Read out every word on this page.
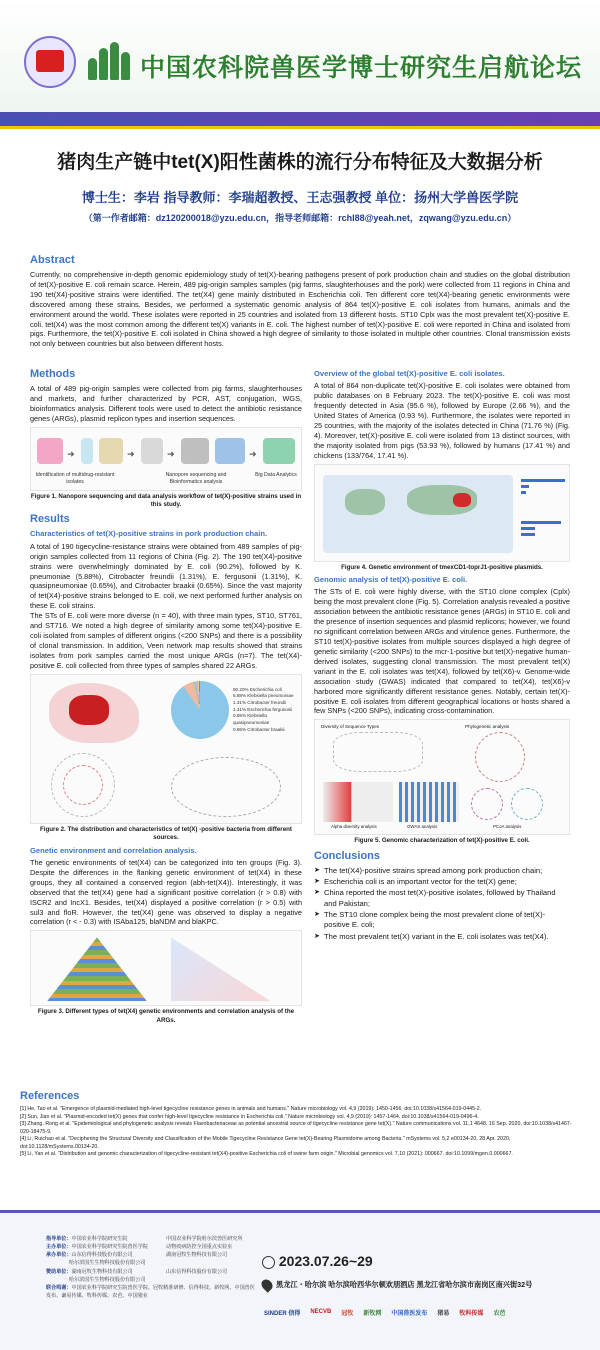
中国农科院兽医学博士研究生启航论坛
猪肉生产链中tet(X)阳性菌株的流行分布特征及大数据分析
博士生：李岩 指导教师：李瑞超教授、王志强教授 单位：扬州大学兽医学院
（第一作者邮箱：dz120200018@yzu.edu.cn，指导老师邮箱：rchl88@yeah.net，zqwang@yzu.edu.cn）
Abstract

Currently, no comprehensive in-depth genomic epidemiology study of tet(X)-bearing pathogens present of pork production chain and studies on the global distribution of tet(X)-positive E. coli remain scarce. Herein, 489 pig-origin samples samples (pig farms, slaughterhouses and the pork) were collected from 11 regions in China and 190 tet(X4)-positive strains were identified. The tet(X4) gene mainly distributed in Escherichia coli. Ten different core tet(X4)-bearing genetic environments were discovered among these strains. Besides, we performed a systematic genomic analysis of 864 tet(X)-positive E. coli isolates from humans, animals and the environment around the world. These isolates were reported in 25 countries and isolated from 13 different hosts. ST10 Cplx was the most prevalent tet(X)-positive E. coli. tet(X4) was the most common among the different tet(X) variants in E. coli. The highest number of tet(X)-positive E. coli were reported in China and isolated from pigs. Furthermore, the tet(X)-positive E. coli isolated in China showed a high degree of similarity to those isolated in multiple other countries. Clonal transmission exists not only between countries but also between different hosts.

Methods

A total of 489 pig-origin samples were collected from pig farms, slaughterhouses and markets, and further characterized by PCR, AST, conjugation, WGS, bioinformatics analysis. Different tools were used to detect the antibiotic resistance genes (ARGs), plasmid replicon types and insertion sequences.

➜	➜	➜	➜
Identification of multidrug-resistant isolates
Nanopore sequencing and Bioinformatics analysis
Big Data Analytics
Figure 1. Nanopore sequencing and data analysis workflow of tet(X)-positive strains used in this study.
Results
Characteristics of tet(X)-positive strains in pork production chain.

A total of 190 tigecycline-resistance strains were obtained from 489 samples of pig-origin samples collected from 11 regions of China (Fig. 2). The 190 tet(X4)-positive strains were overwhelmingly dominated by E. coli (90.2%), followed by K. pneumoniae (5.88%), Citrobacter freundii (1.31%), E. fergusonii (1.31%), K. quasipneumoniae (0.65%), and Citrobacter braakii (0.65%). Since the vast majority of tet(X4)-positive strains belonged to E. coli, we next performed further analysis on these E. coli strains.

The STs of E. coli were more diverse (n = 40), with three main types, ST10, ST761, and ST716. We noted a high degree of similarity among some tet(X4)-positive E. coli isolated from samples of different origins (<200 SNPs) and there is a possibility of clonal transmission. In addition, Veen network map results showed that strains isolates from pork samples carried the most unique ARGs (n=7). The tet(X4)-positive E. coli collected from three types of samples shared 22 ARGs.

90.20% Escherichia coli
5.88% Klebsiella pneumoniae
1.31% Citrobacter freundii
1.31% Escherichia fergusonii
0.65% Klebsiella quasipneumoniae
0.65% Citrobacter braakii
Figure 2. The distribution and characteristics of tet(X) -positive bacteria from different sources.
Genetic environment and correlation analysis.

The genetic environments of tet(X4) can be categorized into ten groups (Fig. 3). Despite the differences in the flanking genetic environment of tet(X4) in these groups, they all contained a conserved region (abh-tet(X4)). Interestingly, it was observed that the tet(X4) gene had a significant positive correlation (r > 0.8) with ISCR2 and IncX1. Besides, tet(X4) displayed a positive correlation (r > 0.5) with sul3 and floR. However, the tet(X4) gene was observed to display a negative correlation (r < - 0.3) with ISAba125, blaNDM and blaKPC.

Figure 3. Different types of tet(X4) genetic environments and correlation analysis of the ARGs.
Overview of the global tet(X)-positive E. coli isolates.

A total of 864 non-duplicate tet(X)-positive E. coli isolates were obtained from public databases on 8 February 2023. The tet(X)-positive E. coli was most frequently detected in Asia (95.6 %), followed by Europe (2.66 %), and the United States of America (0.93 %). Furthermore, the isolates were reported in 25 countries, with the majority of the isolates detected in China (71.76 %) (Fig. 4). Moreover, tet(X)-positive E. coli were isolated from 13 distinct sources, with the majority isolated from pigs (53.93 %), followed by humans (17.41 %) and chickens (133/764, 17.41 %).

Figure 4. Genetic environment of tmexCD1-toprJ1-positive plasmids.
Genomic analysis of tet(X)-positive E. coli.

The STs of E. coli were highly diverse, with the ST10 clone complex (Cplx) being the most prevalent clone (Fig. 5). Correlation analysis revealed a positive association between the antibiotic resistance genes (ARGs) in ST10 E. coli and the presence of insertion sequences and plasmid replicons; however, we found no significant correlation between ARGs and virulence genes. Furthermore, the ST10 tet(X)-positive isolates from multiple sources displayed a high degree of genetic similarity (<200 SNPs) to the mcr-1-positive but tet(X)-negative human-derived isolates, suggesting clonal transmission. The most prevalent tet(X) variant in the E. coli isolates was tet(X4), followed by tet(X6)-v. Genome-wide association study (GWAS) indicated that compared to tet(X4), tet(X6)-v harbored more significantly different resistance genes. Notably, certain tet(X)-positive E. coli isolates from different geographical locations or hosts shared a few SNPs (<200 SNPs), indicating cross-contamination.

Diversity of Sequence Types	Phylogenetic analysis
Alpha diversity analysis	GWAS analysis	PCoA analysis
Figure 5. Genomic characterization of tet(X)-positive E. coli.
Conclusions
➤ The tet(X4)-positive strains spread among pork production chain;
➤ Escherichia coli is an important vector for the tet(X) gene;
➤ China reported the most tet(X)-positive isolates, followed by Thailand and Pakistan;
➤ The ST10 clone complex being the most prevalent clone of tet(X)-positive E. coli;
➤ The most prevalent tet(X) variant in the E. coli isolates was tet(X4).
References
[1] He, Tao et al. "Emergence of plasmid-mediated high-level tigecycline resistance genes in animals and humans." Nature microbiology vol. 4,9 (2019): 1450-1456. doi:10.1038/s41564-019-0445-2.
[2] Sun, Jian et al. "Plasmid-encoded tet(X) genes that confer high-level tigecycline resistance in Escherichia coli." Nature microbiology vol. 4,9 (2019): 1457-1464. doi:10.1038/s41564-019-0496-4.
[3] Zhang, Rong et al. "Epidemiological and phylogenetic analysis reveals Flavobacteriaceae as potential ancestral source of tigecycline resistance gene tet(X)." Nature communications vol. 11,1 4648. 16 Sep. 2020, doi:10.1038/s41467-020-18475-9.
[4] Li, Ruichao et al. "Deciphering the Structural Diversity and Classification of the Mobile Tigecycline Resistance Gene tet(X)-Bearing Plasmidome among Bacteria." mSystems vol. 5,2 e00134-20. 28 Apr. 2020, doi:10.1128/mSystems.00134-20.
[5] Li, Yan et al. "Distribution and genomic characterization of tigecycline-resistant tet(X4)-positive Escherichia coli of swine farm origin." Microbial genomics vol. 7,10 (2021): 000667. doi:10.1099/mgen.0.000667.
指导单位：中国农业科学院研究生院
主办单位：中国农业科学院研究生院兽医学院
承办单位：山东信得科技股份有限公司
哈尔滨国生生物科技股份有限公司
赞助单位：湖南冠牧生物科技有限公司
哈尔滨国生生物科技股份有限公司
中国农业科学院哈尔滨兽医研究所
动物疫病防控全国重点实验室
湖南冠牧生物科技有限公司

山东信得科技股份有限公司
联合鸣谢：中国农业科学院研究生院兽医学院、冠牧精准研修、信得科技、新牧网、中国兽医发布、谦易传媒、牧科传媒、农芭、中国猪业
2023.07.26~29
黑龙江・哈尔滨 哈尔滨哈西华尔顿欢朋酒店 黑龙江省哈尔滨市南岗区南兴街32号
SINDER 信得	NECVB	冠牧	新牧网	中国兽医发布	猪易	牧科传媒	农芭
